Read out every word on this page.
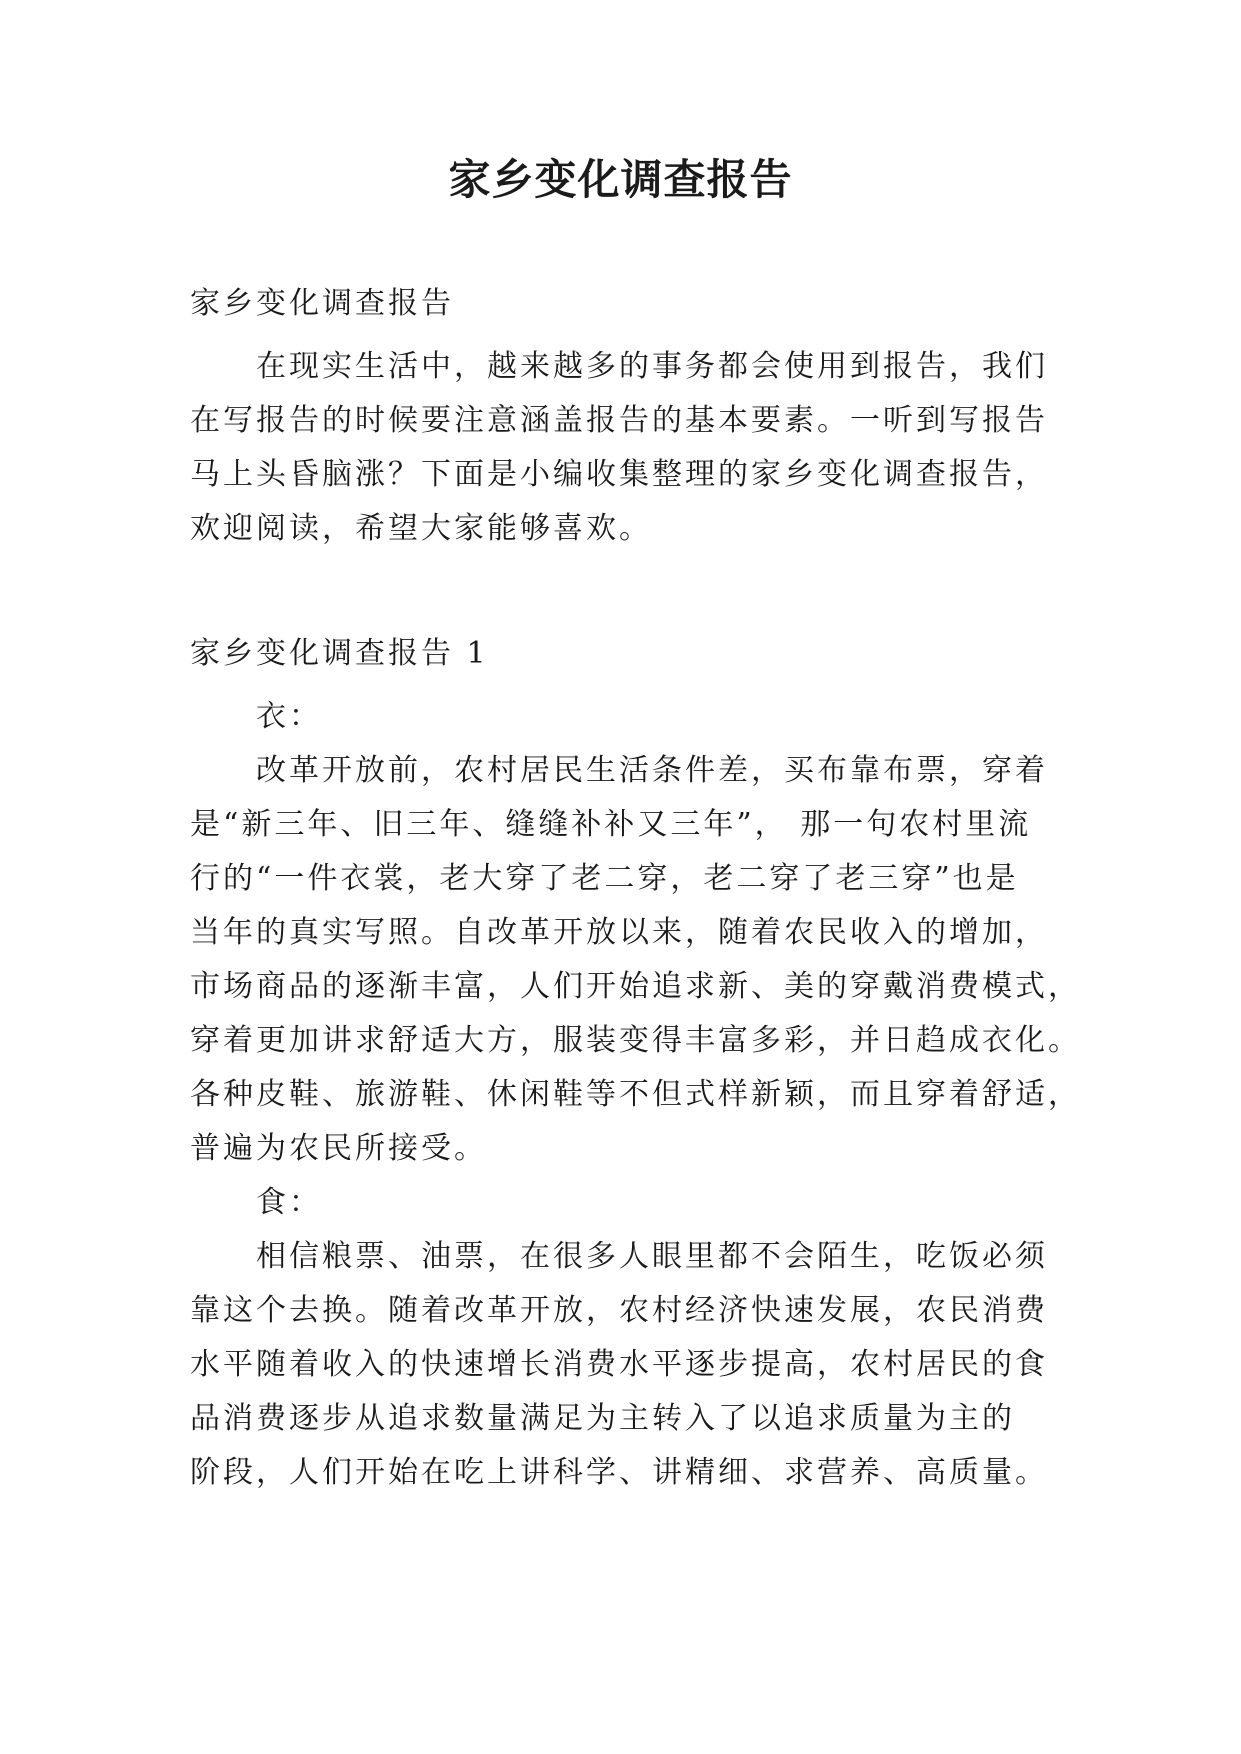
家乡变化调查报告

家乡变化调查报告

在现实生活中，越来越多的事务都会使用到报告，我们

在写报告的时候要注意涵盖报告的基本要素。一听到写报告

马上头昏脑涨？下面是小编收集整理的家乡变化调查报告，

欢迎阅读，希望大家能够喜欢。

家乡变化调查报告 1

衣：

改革开放前，农村居民生活条件差，买布靠布票，穿着

是“新三年、旧三年、缝缝补补又三年”， 那一句农村里流

行的“一件衣裳，老大穿了老二穿，老二穿了老三穿”也是

当年的真实写照。自改革开放以来，随着农民收入的增加，

市场商品的逐渐丰富，人们开始追求新、美的穿戴消费模式，

穿着更加讲求舒适大方，服装变得丰富多彩，并日趋成衣化。

各种皮鞋、旅游鞋、休闲鞋等不但式样新颖，而且穿着舒适，

普遍为农民所接受。

食：

相信粮票、油票，在很多人眼里都不会陌生，吃饭必须

靠这个去换。随着改革开放，农村经济快速发展，农民消费

水平随着收入的快速增长消费水平逐步提高，农村居民的食

品消费逐步从追求数量满足为主转入了以追求质量为主的

阶段，人们开始在吃上讲科学、讲精细、求营养、高质量。
